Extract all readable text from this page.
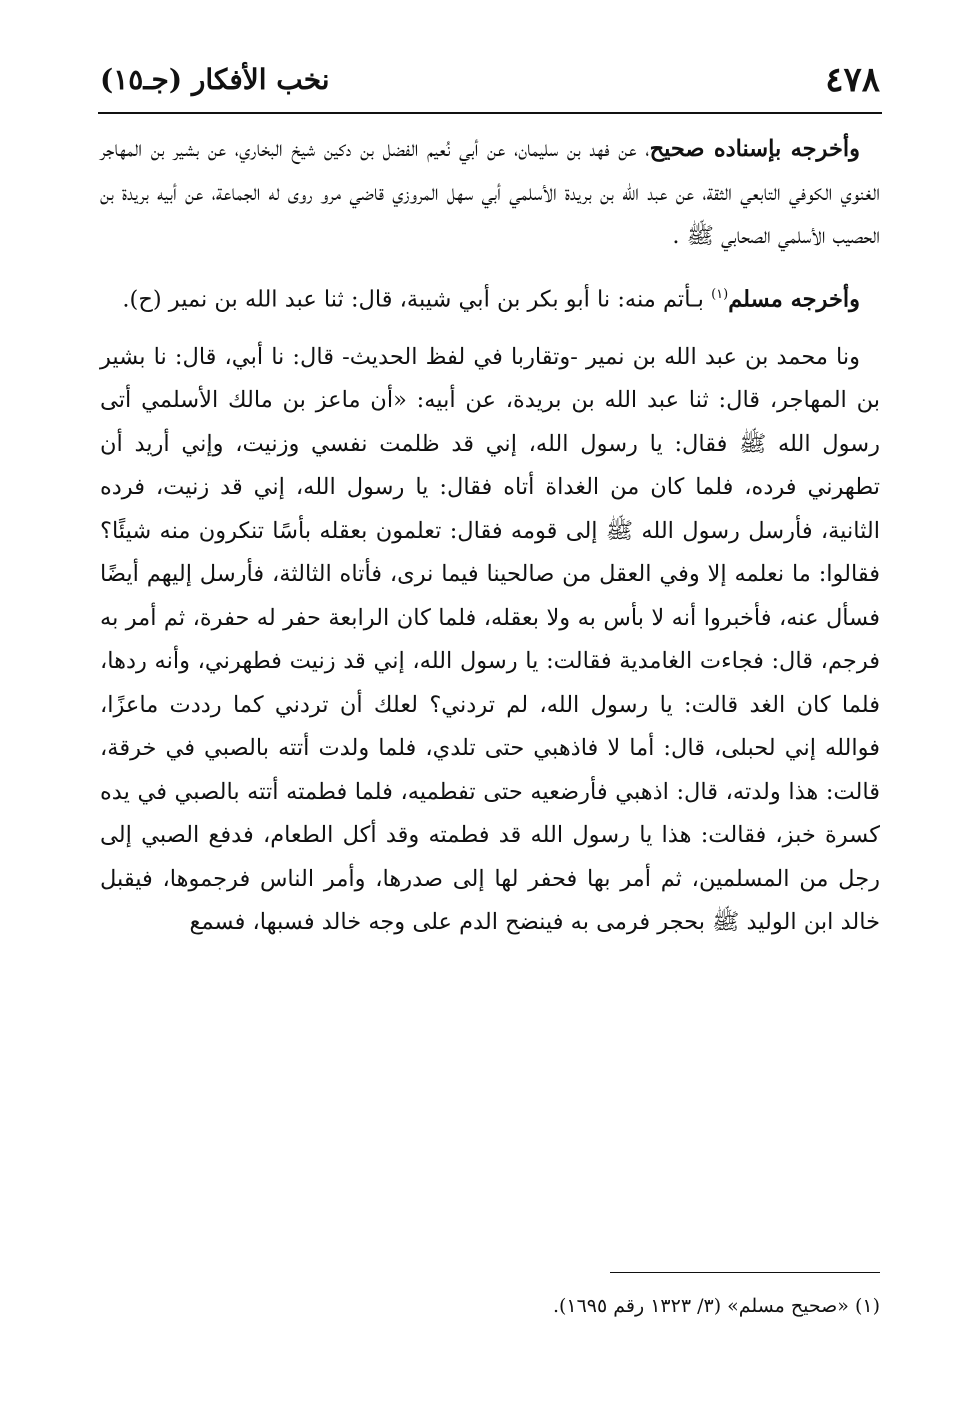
٤٧٨
نخب الأفكار (جـ١٥)

وأخرجه بإسناده صحيح، عن فهد بن سليمان، عن أبي نُعيم الفضل بن دكين شيخ البخاري، عن بشير بن المهاجر الغنوي الكوفي التابعي الثقة، عن عبد الله بن بريدة الأسلمي أبي سهل المروزي قاضي مرو روى له الجماعة، عن أبيه بريدة بن الحصيب الأسلمي الصحابي ﷺ .

وأخرجه مسلم$^{(١)}$ بـأتم منه: نا أبو بكر بن أبي شيبة، قال: ثنا عبد الله بن نمير (ح).

ونا محمد بن عبد الله بن نمير -وتقاربا في لفظ الحديث- قال: نا أبي، قال: نا بشير بن المهاجر، قال: ثنا عبد الله بن بريدة، عن أبيه: «أن ماعز بن مالك الأسلمي أتى رسول الله ﷺ فقال: يا رسول الله، إني قد ظلمت نفسي وزنيت، وإني أريد أن تطهرني فرده، فلما كان من الغداة أتاه فقال: يا رسول الله، إني قد زنيت، فرده الثانية، فأرسل رسول الله ﷺ إلى قومه فقال: تعلمون بعقله بأسًا تنكرون منه شيئًا؟ فقالوا: ما نعلمه إلا وفي العقل من صالحينا فيما نرى، فأتاه الثالثة، فأرسل إليهم أيضًا فسأل عنه، فأخبروا أنه لا بأس به ولا بعقله، فلما كان الرابعة حفر له حفرة، ثم أمر به فرجم، قال: فجاءت الغامدية فقالت: يا رسول الله، إني قد زنيت فطهرني، وأنه ردها، فلما كان الغد قالت: يا رسول الله، لم تردني؟ لعلك أن تردني كما رددت ماعزًا، فوالله إني لحبلى، قال: أما لا فاذهبي حتى تلدي، فلما ولدت أتته بالصبي في خرقة، قالت: هذا ولدته، قال: اذهبي فأرضعيه حتى تفطميه، فلما فطمته أتته بالصبي في يده كسرة خبز، فقالت: هذا يا رسول الله قد فطمته وقد أكل الطعام، فدفع الصبي إلى رجل من المسلمين، ثم أمر بها فحفر لها إلى صدرها، وأمر الناس فرجموها، فيقبل خالد ابن الوليد ﷺ بحجر فرمى به فينضح الدم على وجه خالد فسبها، فسمع

(١) «صحيح مسلم» (٣/ ١٣٢٣ رقم ١٦٩٥).
